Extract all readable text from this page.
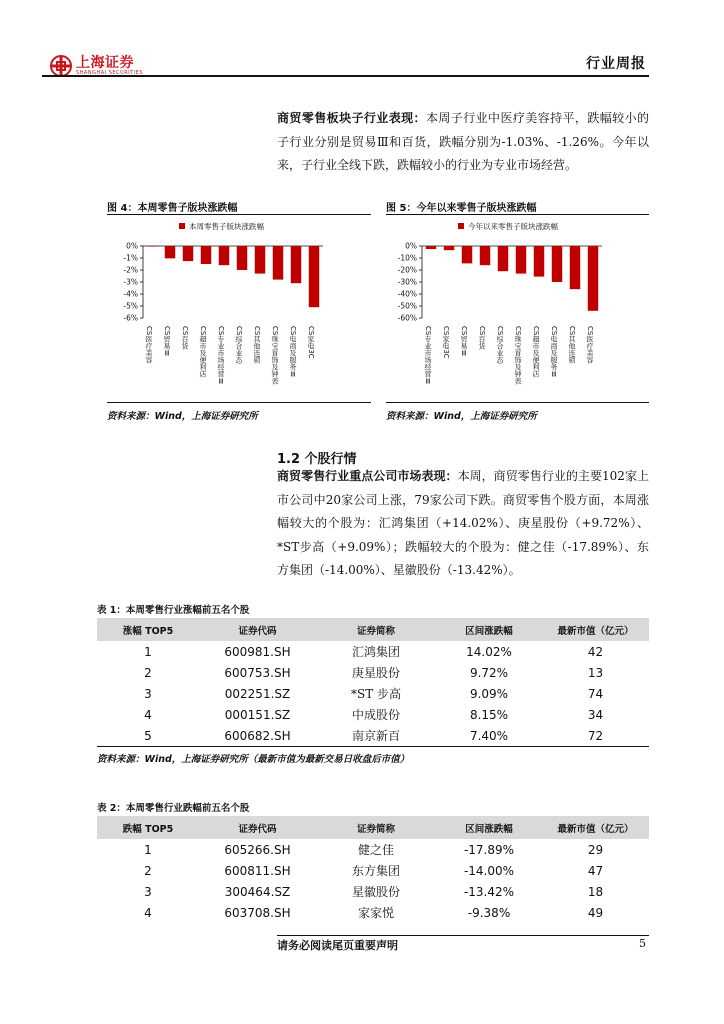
上海证券
SHANGHAI SECURITIES
行业周报
商贸零售板块子行业表现：本周子行业中医疗美容持平，跌幅较小的子行业分别是贸易Ⅲ和百货，跌幅分别为-1.03%、-1.26%。今年以来，子行业全线下跌，跌幅较小的行业为专业市场经营。
图 4：本周零售子版块涨跌幅
本周零售子版块涨跌幅
0%
-1%
-2%
-3%
-4%
-5%
-6%
CS医疗美容 CS贸易Ⅲ CS百货 CS超市及便利店 CS专业市场经营Ⅲ CS综合业态 CS其他连锁 CS珠宝首饰及钟表 CS电商及服务Ⅲ CS家电3C
资料来源：Wind，上海证券研究所
图 5：今年以来零售子版块涨跌幅
今年以来零售子版块涨跌幅
0%
-10%
-20%
-30%
-40%
-50%
-60%
CS专业市场经营Ⅲ CS家电3C CS贸易Ⅲ CS百货 CS综合业态 CS珠宝首饰及钟表 CS超市及便利店 CS电商及服务Ⅲ CS其他连锁 CS医疗美容
资料来源：Wind，上海证券研究所
1.2 个股行情
商贸零售行业重点公司市场表现：本周，商贸零售行业的主要102家上市公司中20家公司上涨，79家公司下跌。商贸零售个股方面，本周涨幅较大的个股为：汇鸿集团（+14.02%）、庚星股份（+9.72%）、*ST步高（+9.09%）；跌幅较大的个股为：健之佳（-17.89%）、东方集团（-14.00%）、星徽股份（-13.42%）。
表 1：本周零售行业涨幅前五名个股
涨幅 TOP5	证券代码	证券简称	区间涨跌幅	最新市值（亿元）
1	600981.SH	汇鸿集团	14.02%	42
2	600753.SH	庚星股份	9.72%	13
3	002251.SZ	*ST 步高	9.09%	74
4	000151.SZ	中成股份	8.15%	34
5	600682.SH	南京新百	7.40%	72
资料来源：Wind，上海证券研究所（最新市值为最新交易日收盘后市值）
表 2：本周零售行业跌幅前五名个股
跌幅 TOP5	证券代码	证券简称	区间涨跌幅	最新市值（亿元）
1	605266.SH	健之佳	-17.89%	29
2	600811.SH	东方集团	-14.00%	47
3	300464.SZ	星徽股份	-13.42%	18
4	603708.SH	家家悦	-9.38%	49
请务必阅读尾页重要声明	5
